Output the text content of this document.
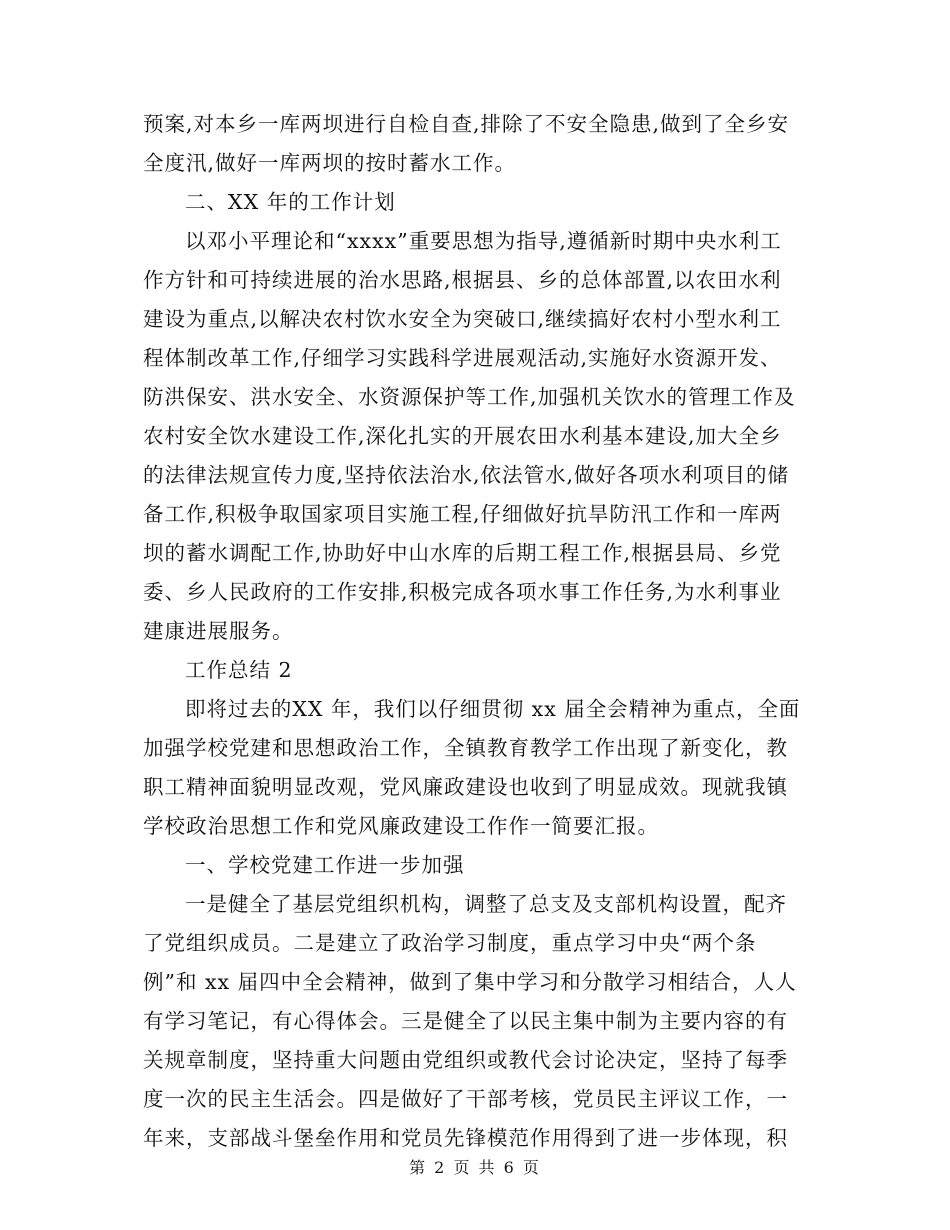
预案,对本乡一库两坝进行自检自查,排除了不安全隐患,做到了全乡安
全度汛,做好一库两坝的按时蓄水工作。
二、XX 年的工作计划
以邓小平理论和“xxxx”重要思想为指导,遵循新时期中央水利工
作方针和可持续进展的治水思路,根据县、乡的总体部置,以农田水利
建设为重点,以解决农村饮水安全为突破口,继续搞好农村小型水利工
程体制改革工作,仔细学习实践科学进展观活动,实施好水资源开发、
防洪保安、洪水安全、水资源保护等工作,加强机关饮水的管理工作及
农村安全饮水建设工作,深化扎实的开展农田水利基本建设,加大全乡
的法律法规宣传力度,坚持依法治水,依法管水,做好各项水利项目的储
备工作,积极争取国家项目实施工程,仔细做好抗旱防汛工作和一库两
坝的蓄水调配工作,协助好中山水库的后期工程工作,根据县局、乡党
委、乡人民政府的工作安排,积极完成各项水事工作任务,为水利事业
建康进展服务。
工作总结 2
即将过去的XX 年，我们以仔细贯彻 xx 届全会精神为重点，全面
加强学校党建和思想政治工作，全镇教育教学工作出现了新变化，教
职工精神面貌明显改观，党风廉政建设也收到了明显成效。现就我镇
学校政治思想工作和党风廉政建设工作作一简要汇报。
一、学校党建工作进一步加强
一是健全了基层党组织机构，调整了总支及支部机构设置，配齐
了党组织成员。二是建立了政治学习制度，重点学习中央“两个条
例”和 xx 届四中全会精神，做到了集中学习和分散学习相结合，人人
有学习笔记，有心得体会。三是健全了以民主集中制为主要内容的有
关规章制度，坚持重大问题由党组织或教代会讨论决定，坚持了每季
度一次的民主生活会。四是做好了干部考核，党员民主评议工作，一
年来，支部战斗堡垒作用和党员先锋模范作用得到了进一步体现，积
第 2 页 共 6 页
